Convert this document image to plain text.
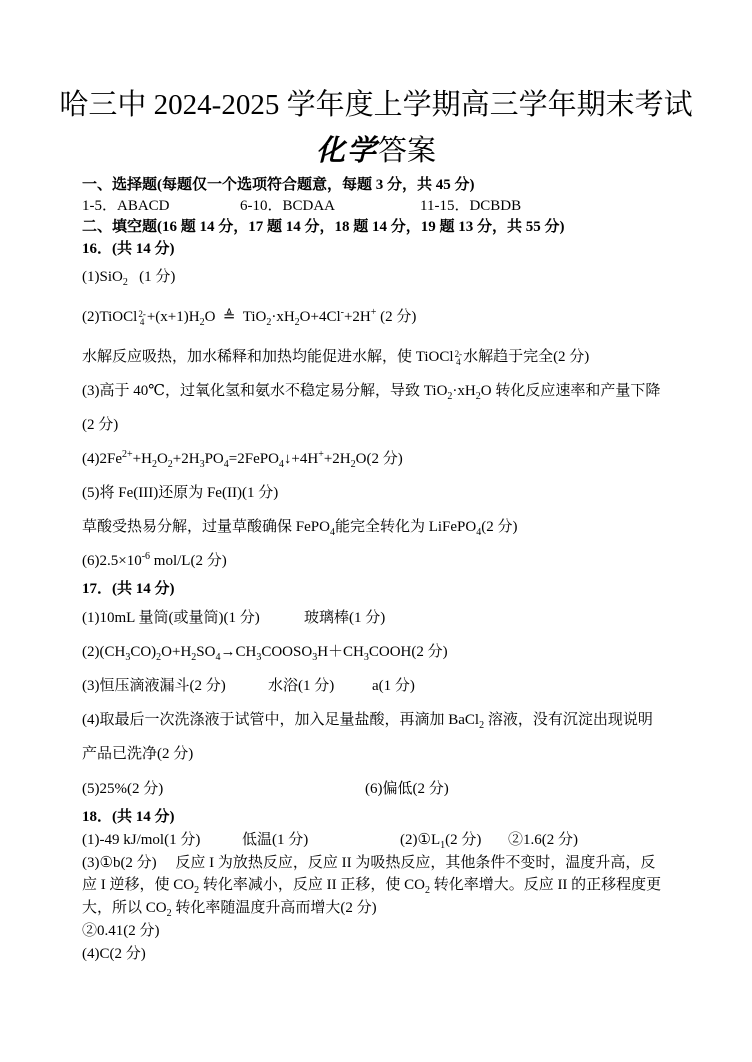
哈三中 2024-2025 学年度上学期高三学年期末考试
化学答案
一、选择题(每题仅一个选项符合题意，每题 3 分，共 45 分)
1-5．ABACD	6-10．BCDAA	11-15．DCBDB
二、填空题(16 题 14 分，17 题 14 分，18 题 14 分，19 题 13 分，共 55 分)
16．(共 14 分)
(1)SiO$_2$   (1 分)
(2)TiOCl2-
$4 +(x+1)H_2O$  ≜  $TiO_2\cdot xH_2O+4Cl^-+2H^+$ (2 分)
水解反应吸热，加水稀释和加热均能促进水解，使 TiOCl2-
4 水解趋于完全(2 分)
(3)高于 40℃，过氧化氢和氨水不稳定易分解，导致 $TiO_2\cdot xH_2O$ 转化反应速率和产量下降
(2 分)
$(4)2Fe^{2+}+H_2O_2+2H_3PO_4=2FePO_4↓+4H^++2H_2O(2$ 分)
(5)将 Fe(III)还原为 Fe(II)(1 分)
草酸受热易分解，过量草酸确保 FePO$_4$能完全转化为 LiFePO$_4$(2 分)
$(6)2.5\times 10^{-6}$ mol/L(2 分)
17．(共 14 分)
(1)10mL 量筒(或量筒)(1 分)	玻璃棒(1 分)
$(2)(CH_3CO)_2O+H_2SO_4\to CH_3COOSO_3H+CH_3COOH(2$ 分)
(3)恒压滴液漏斗(2 分)	水浴(1 分)	a(1 分)
(4)取最后一次洗涤液于试管中，加入足量盐酸，再滴加 BaCl$_2$ 溶液，没有沉淀出现说明
产品已洗净(2 分)
(5)25%(2 分)	(6)偏低(2 分)
18．(共 14 分)
(1)-49 kJ/mol(1 分)	低温(1 分)	$(2)①L_1(2$ 分) ②1.6(2 分)
(3)①b(2 分)     反应 I 为放热反应，反应 II 为吸热反应，其他条件不变时，温度升高，反
应 I 逆移，使 $CO_2$ 转化率减小，反应 II 正移，使 $CO_2$ 转化率增大。反应 II 的正移程度更
大，所以 $CO_2$ 转化率随温度升高而增大(2 分)
②0.41(2 分)
(4)C(2 分)
